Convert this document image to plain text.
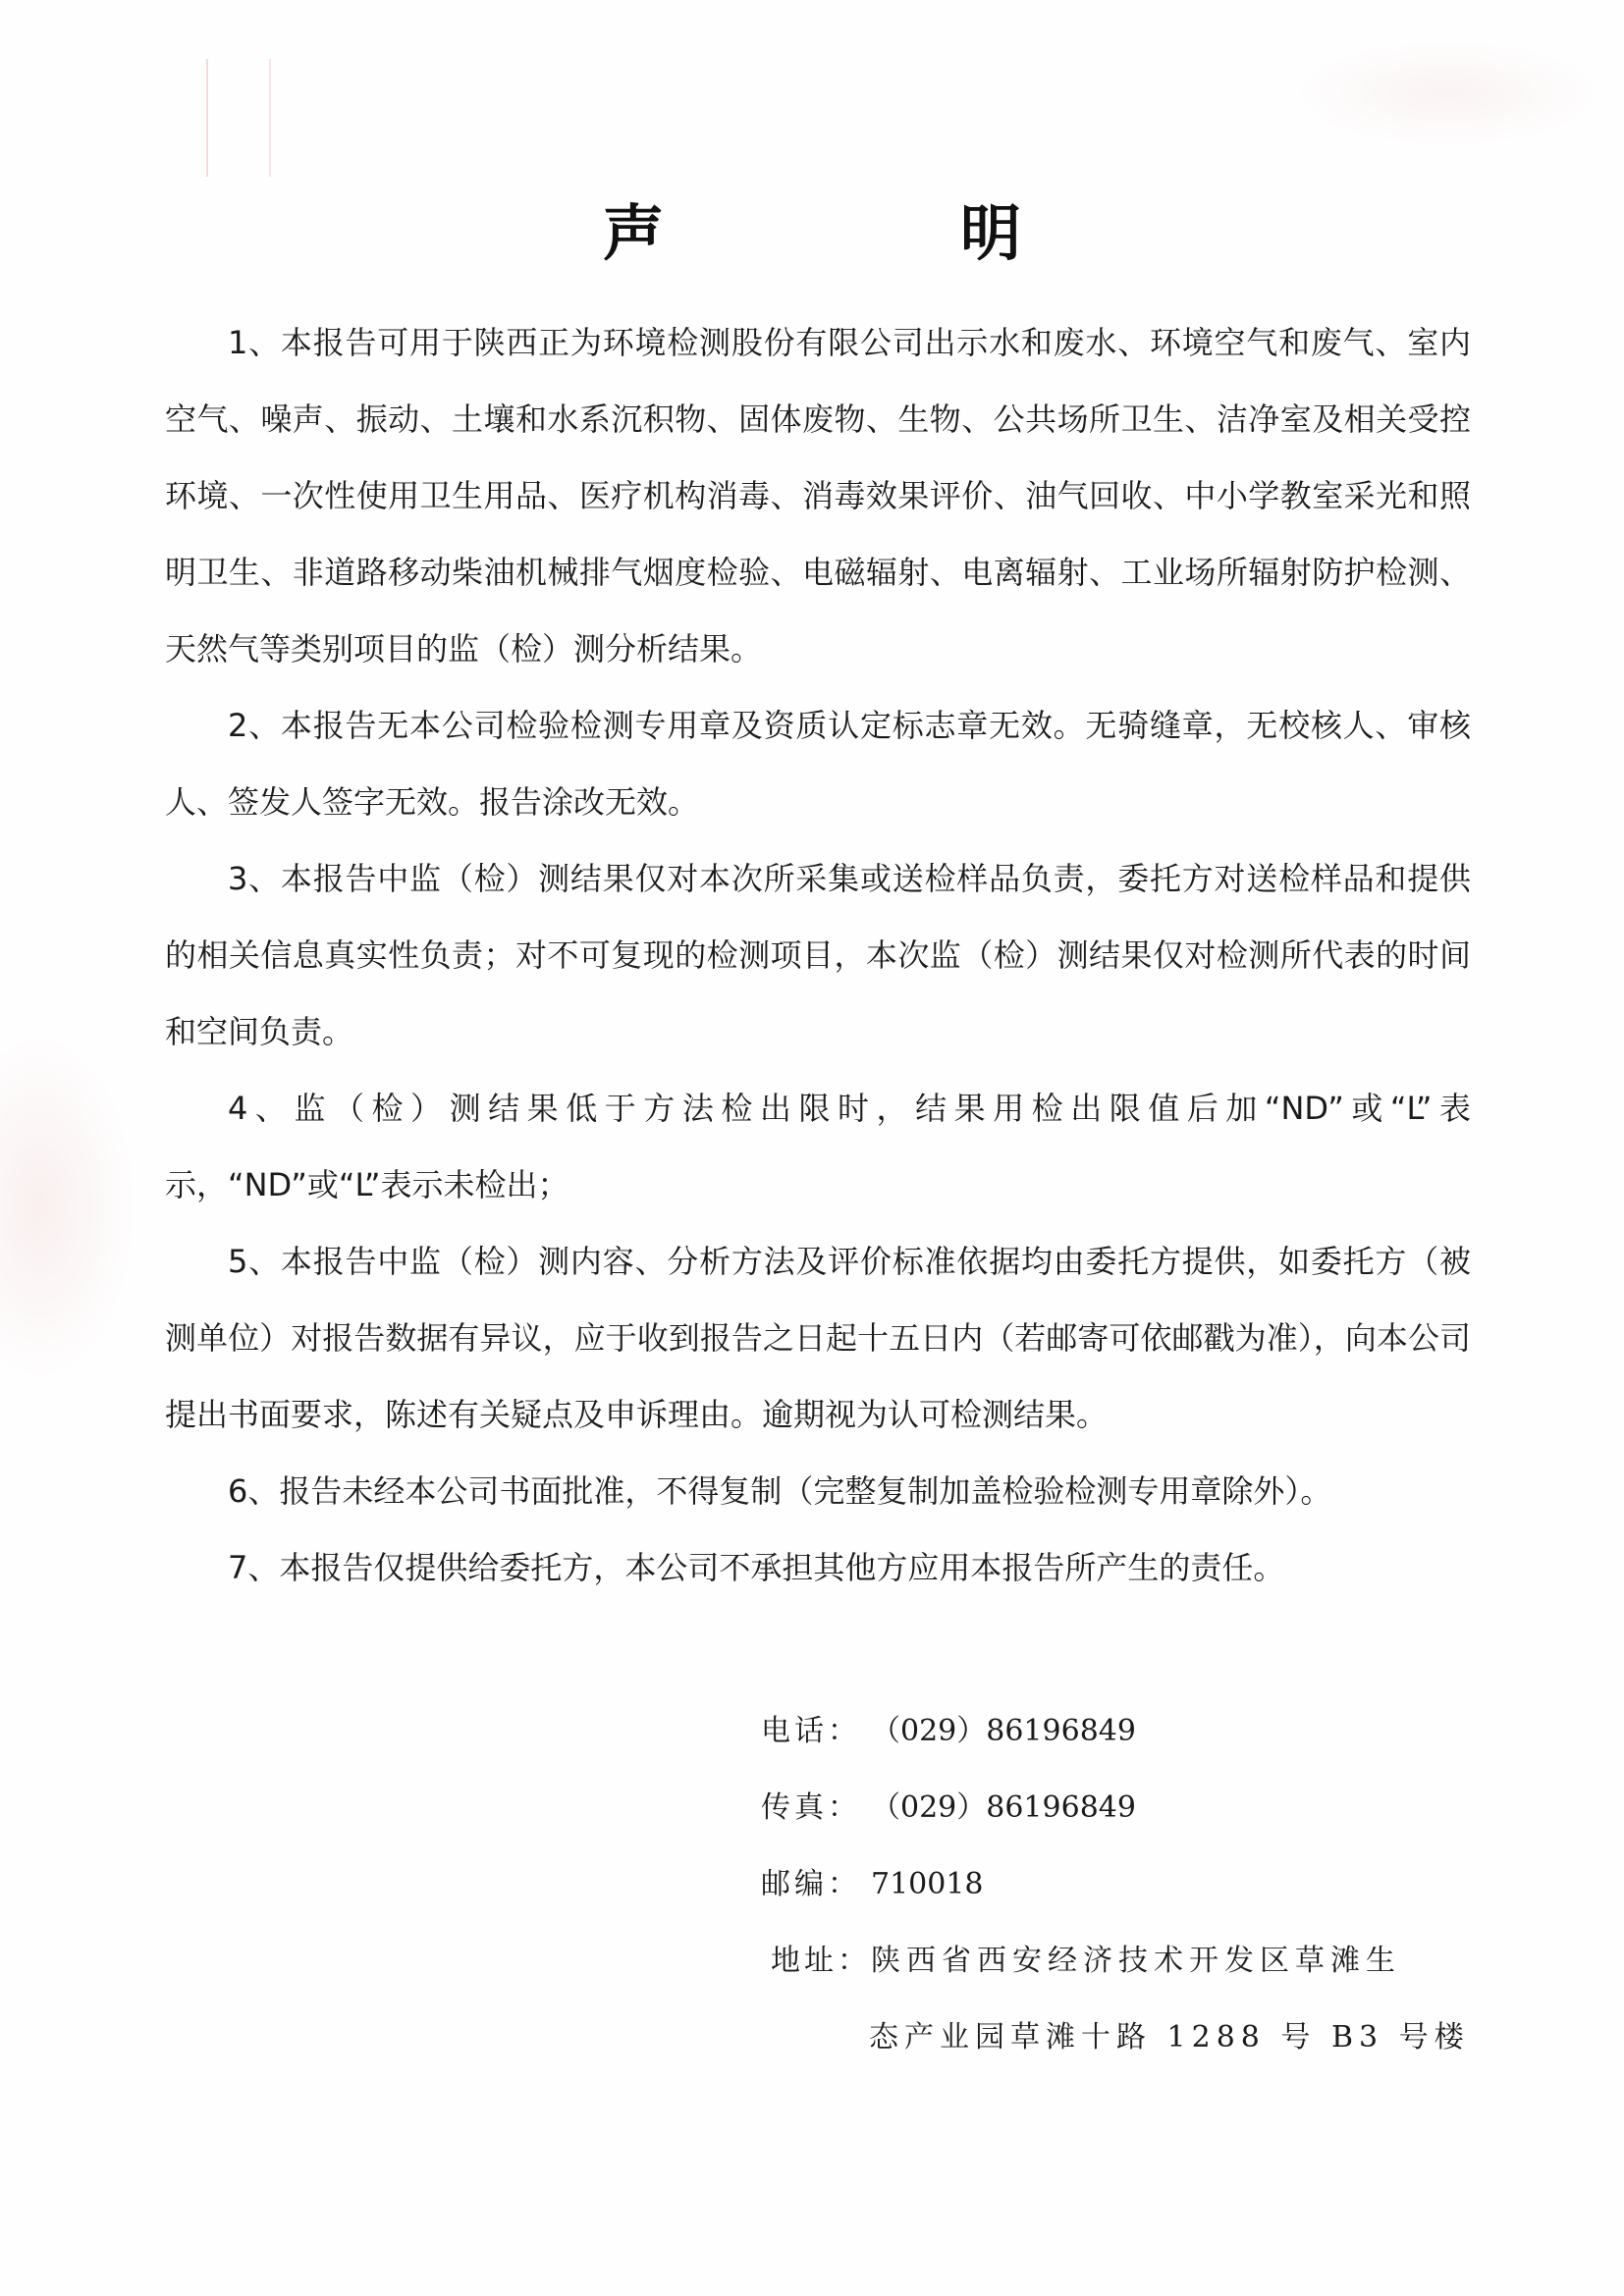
声　明

1、本报告可用于陕西正为环境检测股份有限公司出示水和废水、环境空气和废气、室内空气、噪声、振动、土壤和水系沉积物、固体废物、生物、公共场所卫生、洁净室及相关受控环境、一次性使用卫生用品、医疗机构消毒、消毒效果评价、油气回收、中小学教室采光和照明卫生、非道路移动柴油机械排气烟度检验、电磁辐射、电离辐射、工业场所辐射防护检测、天然气等类别项目的监（检）测分析结果。

2、本报告无本公司检验检测专用章及资质认定标志章无效。无骑缝章，无校核人、审核人、签发人签字无效。报告涂改无效。

3、本报告中监（检）测结果仅对本次所采集或送检样品负责，委托方对送检样品和提供的相关信息真实性负责；对不可复现的检测项目，本次监（检）测结果仅对检测所代表的时间和空间负责。

4、监（检）测结果低于方法检出限时，结果用检出限值后加“ND”或“L”表示，“ND”或“L”表示未检出；

5、本报告中监（检）测内容、分析方法及评价标准依据均由委托方提供，如委托方（被测单位）对报告数据有异议，应于收到报告之日起十五日内（若邮寄可依邮戳为准），向本公司提出书面要求，陈述有关疑点及申诉理由。逾期视为认可检测结果。

6、报告未经本公司书面批准，不得复制（完整复制加盖检验检测专用章除外）。

7、本报告仅提供给委托方，本公司不承担其他方应用本报告所产生的责任。

电话： （029）86196849
传真： （029）86196849
邮编： 710018
地址：陕西省西安经济技术开发区草滩生
态产业园草滩十路 1288 号 B3 号楼
